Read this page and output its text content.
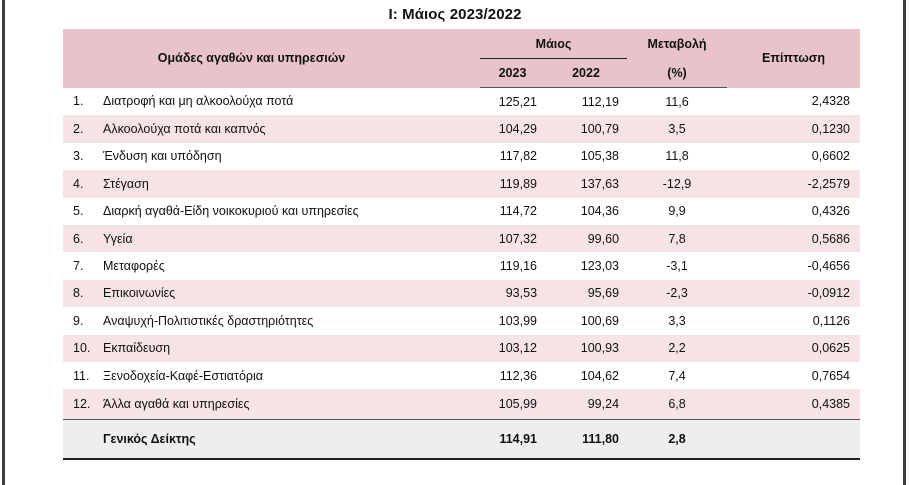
Ι: Μάιος 2023/2022
Ομάδες αγαθών και υπηρεσιών		Μάιος		Μεταβολή	Επίπτωση
		2023	2022	(%)	
1.	Διατροφή και μη αλκοολούχα ποτά	125,21	112,19	11,6	2,4328
2.	Αλκοολούχα ποτά και καπνός	104,29	100,79	3,5	0,1230
3.	Ένδυση και υπόδηση	117,82	105,38	11,8	0,6602
4.	Στέγαση	119,89	137,63	-12,9	-2,2579
5.	Διαρκή αγαθά-Είδη νοικοκυριού και υπηρεσίες	114,72	104,36	9,9	0,4326
6.	Υγεία	107,32	99,60	7,8	0,5686
7.	Μεταφορές	119,16	123,03	-3,1	-0,4656
8.	Επικοινωνίες	93,53	95,69	-2,3	-0,0912
9.	Αναψυχή-Πολιτιστικές δραστηριότητες	103,99	100,69	3,3	0,1126
10.	Εκπαίδευση	103,12	100,93	2,2	0,0625
11.	Ξενοδοχεία-Καφέ-Εστιατόρια	112,36	104,62	7,4	0,7654
12.	Άλλα αγαθά και υπηρεσίες	105,99	99,24	6,8	0,4385
	Γενικός Δείκτης	114,91	111,80	2,8	
